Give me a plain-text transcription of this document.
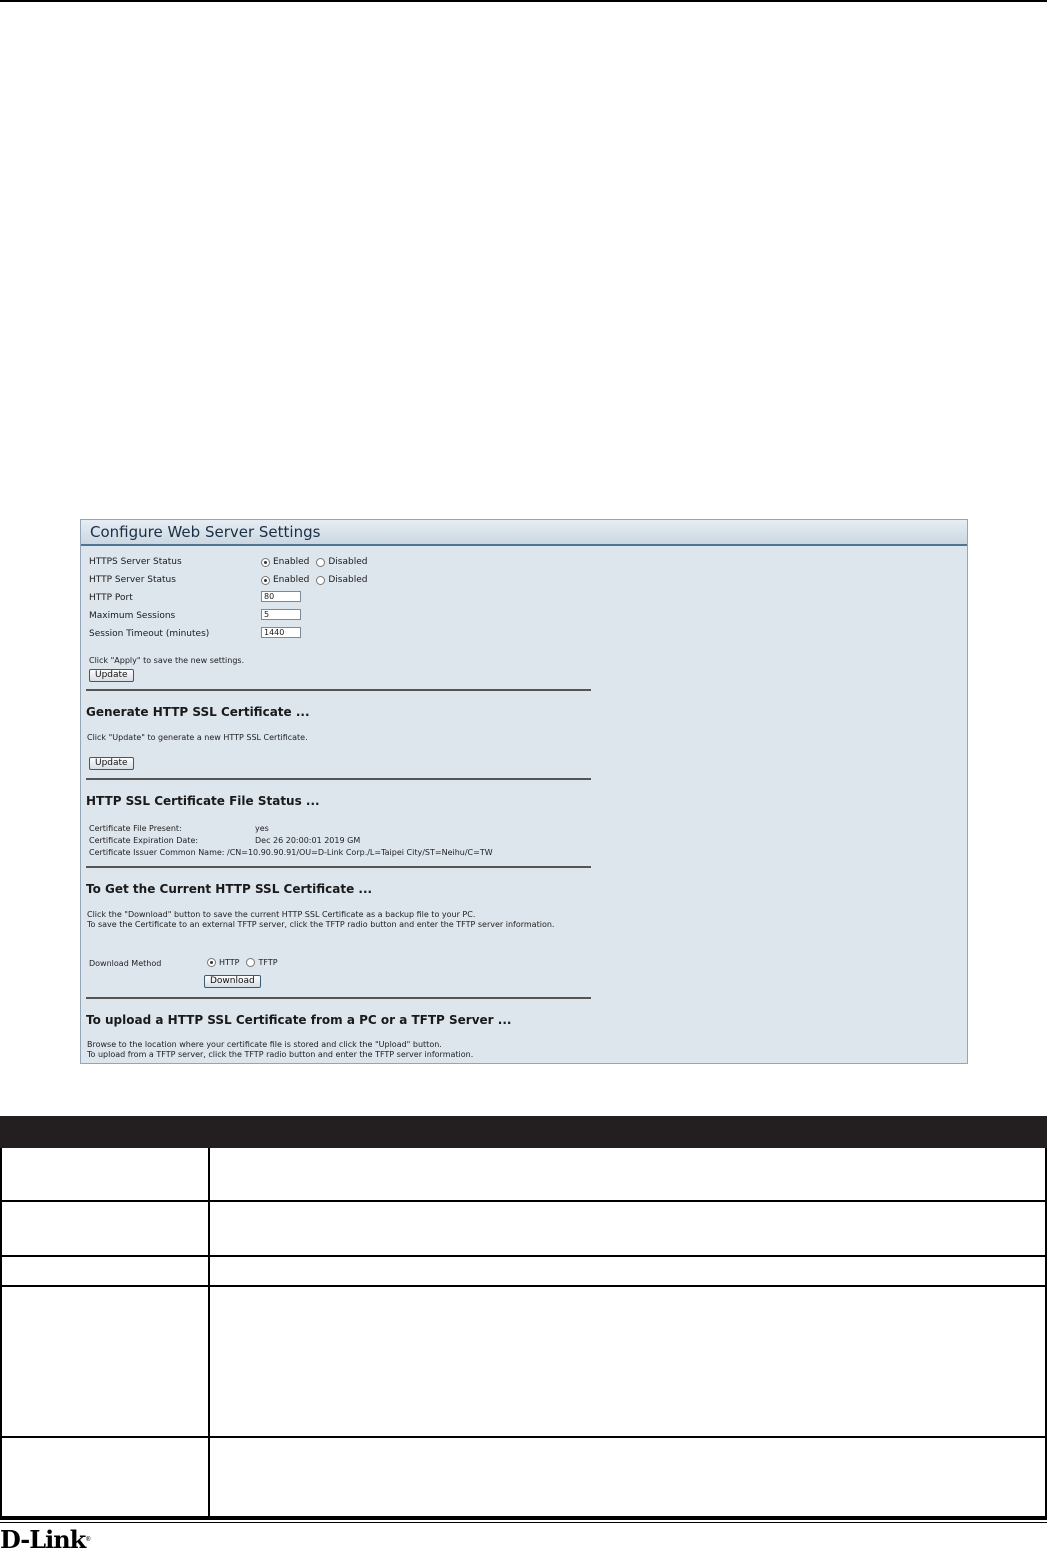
Configure Web Server Settings
HTTPS Server Status	Enabled Disabled
HTTP Server Status	Enabled Disabled
HTTP Port	80
Maximum Sessions	5
Session Timeout (minutes)	1440
Click "Apply" to save the new settings.
Update
Generate HTTP SSL Certificate ...
Click "Update" to generate a new HTTP SSL Certificate.
Update
HTTP SSL Certificate File Status ...
Certificate File Present:	yes
Certificate Expiration Date:	Dec 26 20:00:01 2019 GM
Certificate Issuer Common Name: /CN=10.90.90.91/OU=D-Link Corp./L=Taipei City/ST=Neihu/C=TW
To Get the Current HTTP SSL Certificate ...
Click the "Download" button to save the current HTTP SSL Certificate as a backup file to your PC.
To save the Certificate to an external TFTP server, click the TFTP radio button and enter the TFTP server information.
Download Method	HTTP TFTP
Download
To upload a HTTP SSL Certificate from a PC or a TFTP Server ...
Browse to the location where your certificate file is stored and click the "Upload" button.
To upload from a TFTP server, click the TFTP radio button and enter the TFTP server information.
D-Link®
